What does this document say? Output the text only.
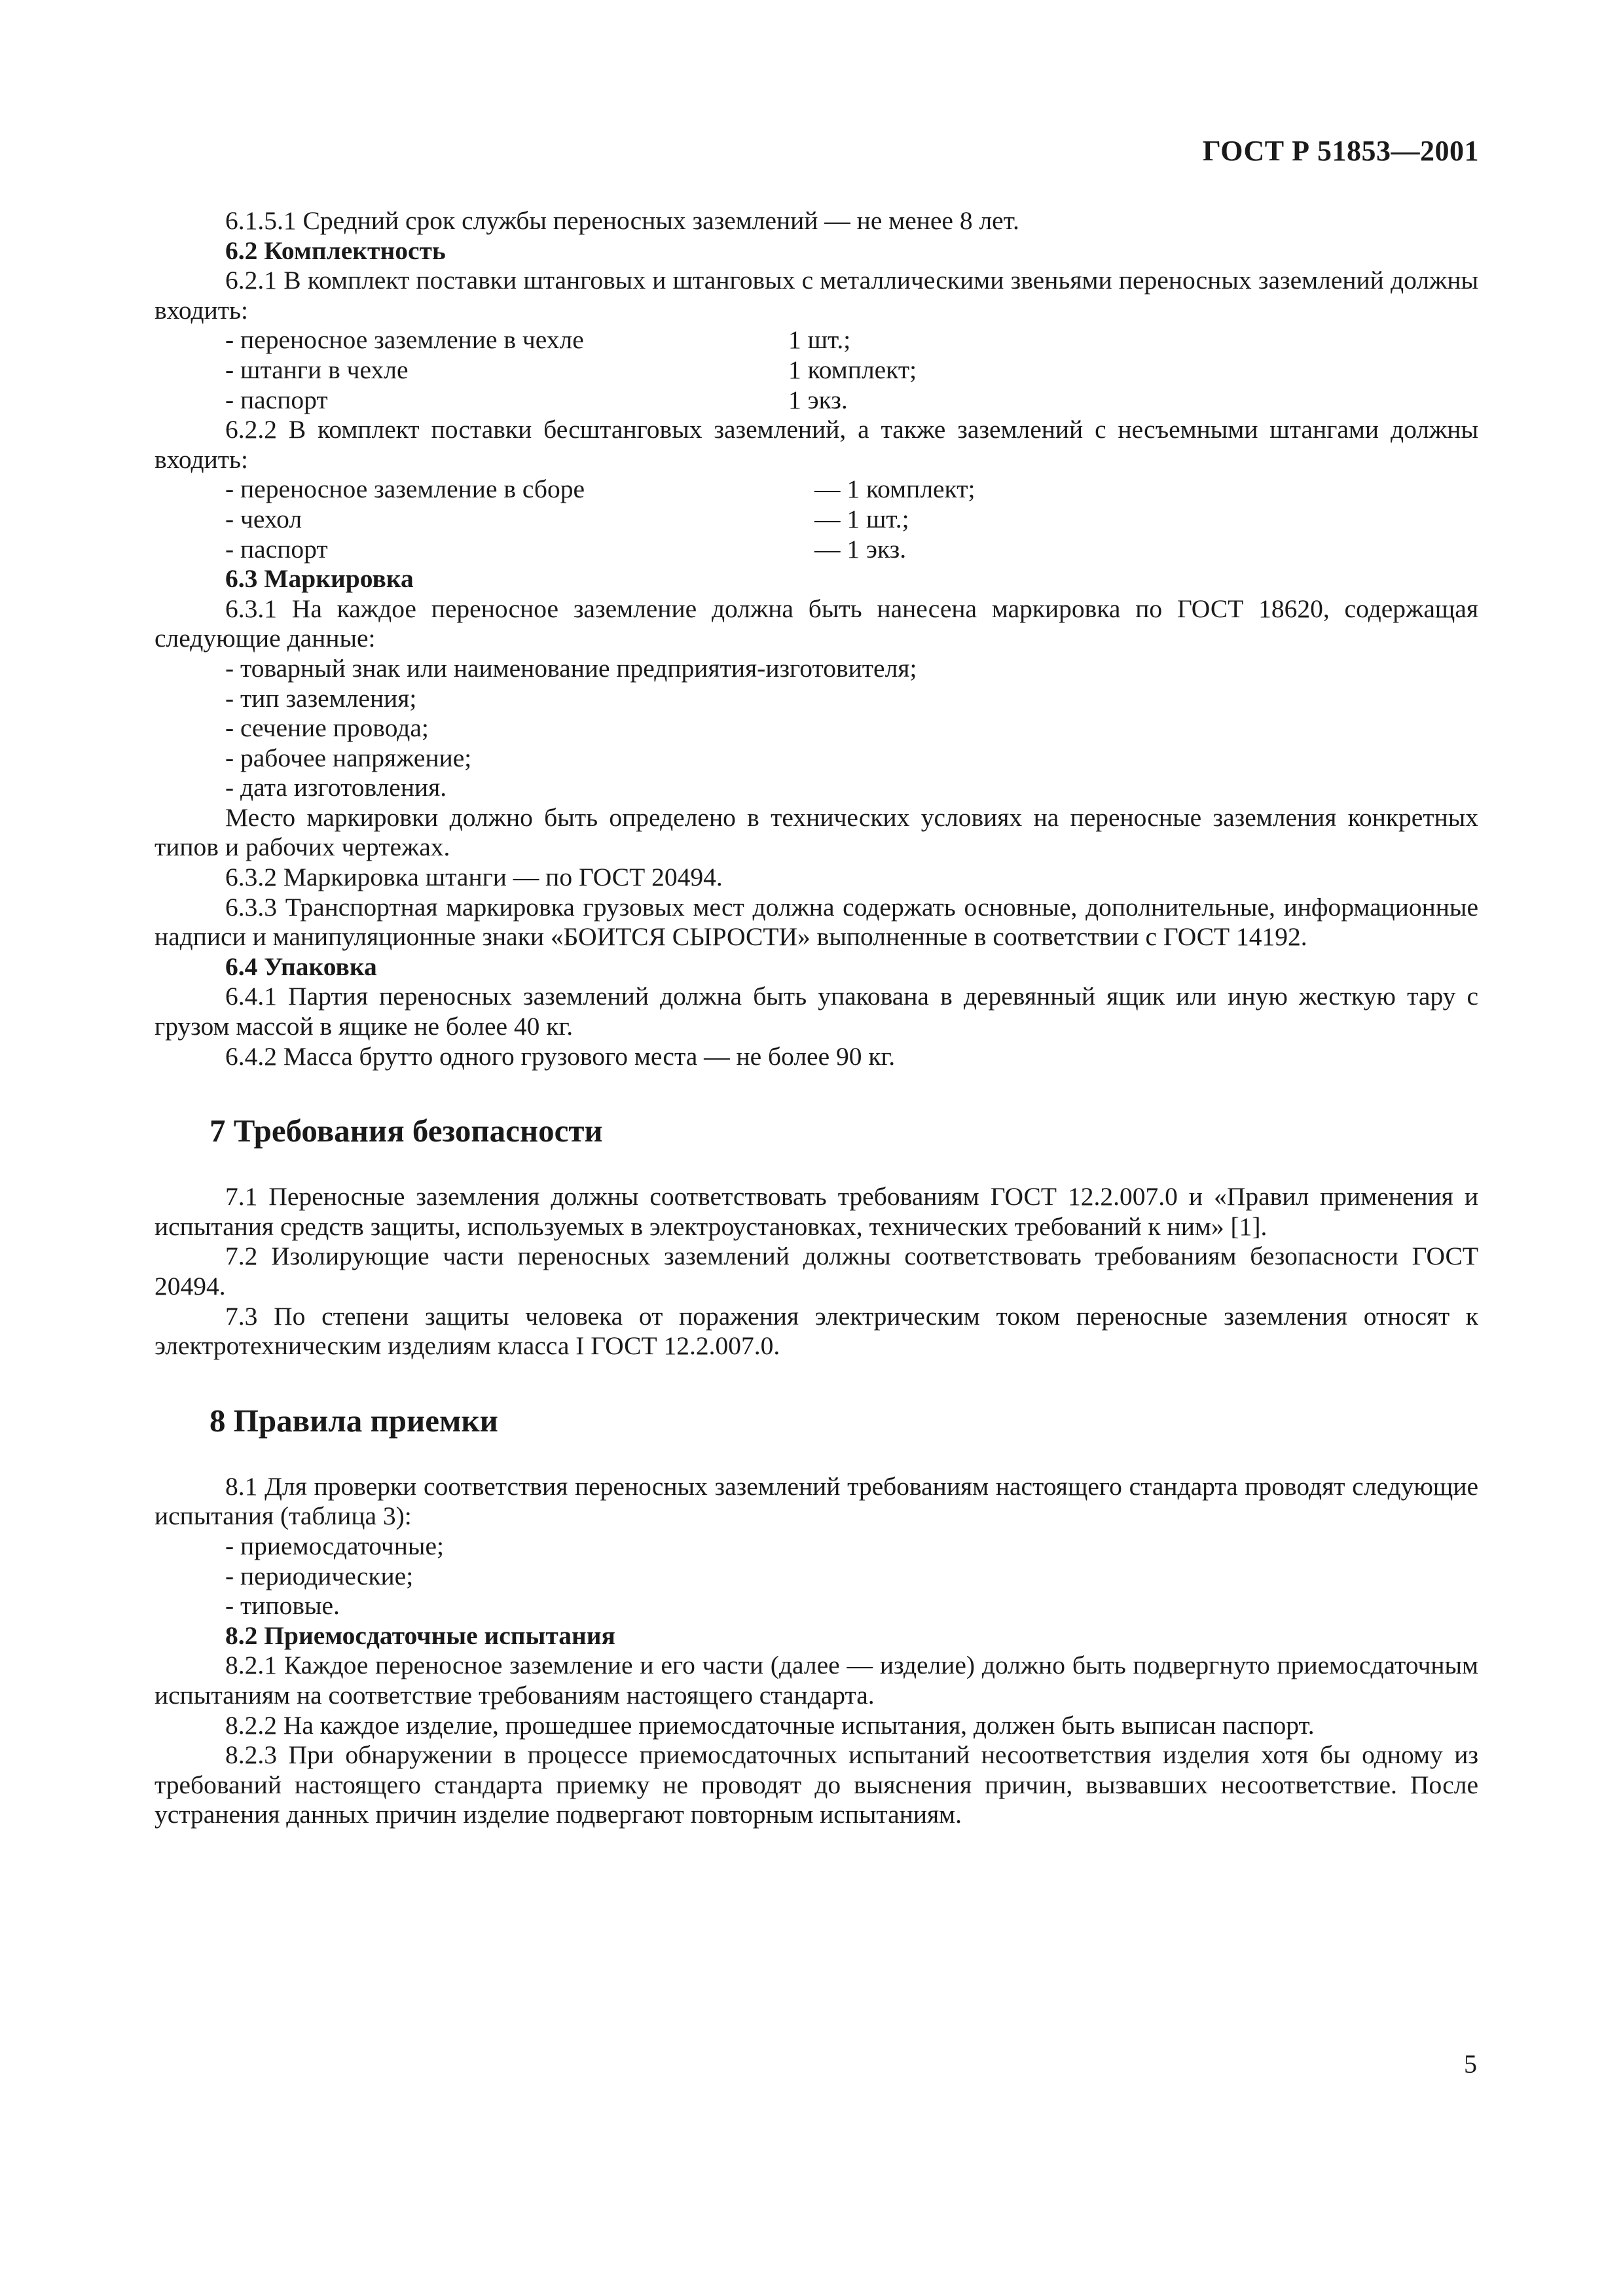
ГОСТ Р 51853—2001

6.1.5.1 Средний срок службы переносных заземлений — не менее 8 лет.

6.2 Комплектность

6.2.1 В комплект поставки штанговых и штанговых с металлическими звеньями переносных заземлений должны входить:

- переносное заземление в чехле	1 шт.;
- штанги в чехле	1 комплект;
- паспорт	1 экз.

6.2.2 В комплект поставки бесштанговых заземлений, а также заземлений с несъемными штангами должны входить:

- переносное заземление в сборе	— 1 комплект;
- чехол	— 1 шт.;
- паспорт	— 1 экз.

6.3 Маркировка

6.3.1 На каждое переносное заземление должна быть нанесена маркировка по ГОСТ 18620, содержащая следующие данные:

- товарный знак или наименование предприятия-изготовителя;

- тип заземления;

- сечение провода;

- рабочее напряжение;

- дата изготовления.

Место маркировки должно быть определено в технических условиях на переносные заземления конкретных типов и рабочих чертежах.

6.3.2 Маркировка штанги — по ГОСТ 20494.

6.3.3 Транспортная маркировка грузовых мест должна содержать основные, дополнительные, информационные надписи и манипуляционные знаки «БОИТСЯ СЫРОСТИ» выполненные в соответствии с ГОСТ 14192.

6.4 Упаковка

6.4.1 Партия переносных заземлений должна быть упакована в деревянный ящик или иную жесткую тару с грузом массой в ящике не более 40 кг.

6.4.2 Масса брутто одного грузового места — не более 90 кг.

7 Требования безопасности

7.1 Переносные заземления должны соответствовать требованиям ГОСТ 12.2.007.0 и «Правил применения и испытания средств защиты, используемых в электроустановках, технических требований к ним» [1].

7.2 Изолирующие части переносных заземлений должны соответствовать требованиям безопасности ГОСТ 20494.

7.3 По степени защиты человека от поражения электрическим током переносные заземления относят к электротехническим изделиям класса I ГОСТ 12.2.007.0.

8 Правила приемки

8.1 Для проверки соответствия переносных заземлений требованиям настоящего стандарта проводят следующие испытания (таблица 3):

- приемосдаточные;

- периодические;

- типовые.

8.2 Приемосдаточные испытания

8.2.1 Каждое переносное заземление и его части (далее — изделие) должно быть подвергнуто приемосдаточным испытаниям на соответствие требованиям настоящего стандарта.

8.2.2 На каждое изделие, прошедшее приемосдаточные испытания, должен быть выписан паспорт.

8.2.3 При обнаружении в процессе приемосдаточных испытаний несоответствия изделия хотя бы одному из требований настоящего стандарта приемку не проводят до выяснения причин, вызвавших несоответствие. После устранения данных причин изделие подвергают повторным испытаниям.

5
